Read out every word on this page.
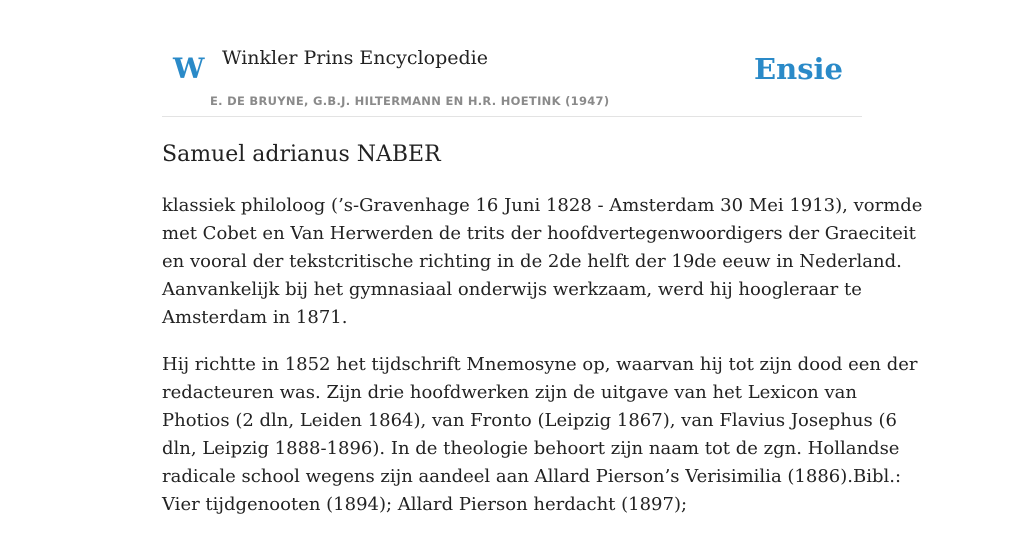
W Winkler Prins Encyclopedie
E. DE BRUYNE, G.B.J. HILTERMANN EN H.R. HOETINK (1947)
Ensie
Samuel adrianus NABER

klassiek philoloog (’s-Gravenhage 16 Juni 1828 - Amsterdam 30 Mei 1913), vormde
met Cobet en Van Herwerden de trits der hoofdvertegenwoordigers der Graeciteit
en vooral der tekstcritische richting in de 2de helft der 19de eeuw in Nederland.
Aanvankelijk bij het gymnasiaal onderwijs werkzaam, werd hij hoogleraar te
Amsterdam in 1871.

Hij richtte in 1852 het tijdschrift Mnemosyne op, waarvan hij tot zijn dood een der
redacteuren was. Zijn drie hoofdwerken zijn de uitgave van het Lexicon van
Photios (2 dln, Leiden 1864), van Fronto (Leipzig 1867), van Flavius Josephus (6
dln, Leipzig 1888-1896). In de theologie behoort zijn naam tot de zgn. Hollandse
radicale school wegens zijn aandeel aan Allard Pierson’s Verisimilia (1886).Bibl.:
Vier tijdgenooten (1894); Allard Pierson herdacht (1897);
